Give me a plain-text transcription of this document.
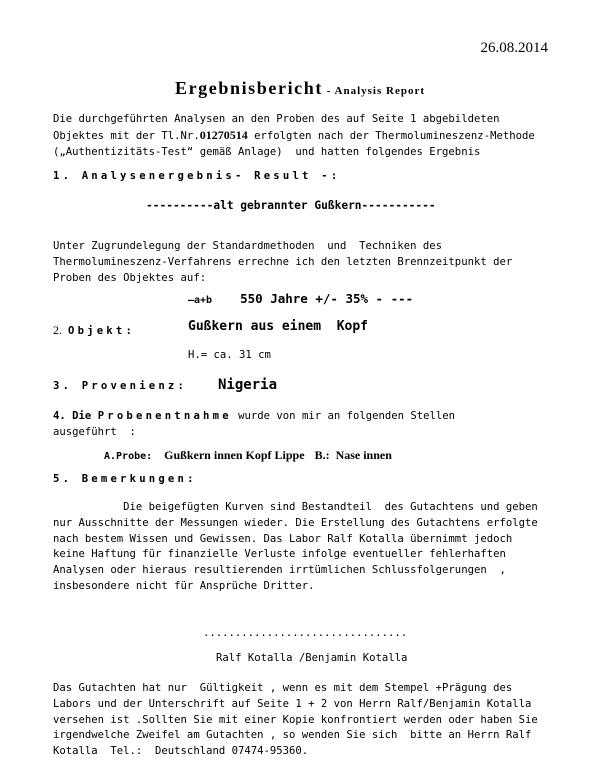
26.08.2014
Ergebnisbericht - Analysis Report
Die durchgeführten Analysen an den Proben des auf Seite 1 abgebildeten
Objektes mit der Tl.Nr.01270514 erfolgten nach der Thermolumineszenz-Methode
(„Authentizitäts-Test“ gemäß Anlage)  und hatten folgendes Ergebnis
1. Analysenergebnis- Result -:
----------alt gebrannter Gußkern-----------
Unter Zugrundelegung der Standardmethoden  und  Techniken des
Thermolumineszenz-Verfahrens errechne ich den letzten Brennzeitpunkt der
Proben des Objektes auf:
—a+b 550 Jahre +/- 35% - ---
2. Objekt:	Gußkern aus einem  Kopf
H.= ca. 31 cm
3. Provenienz: Nigeria
4. Die Probenentnahme wurde von mir an folgenden Stellen
ausgeführt  :
A.Probe: Gußkern innen Kopf Lippe B.: Nase innen
5. Bemerkungen:
Die beigefügten Kurven sind Bestandteil  des Gutachtens und geben
nur Ausschnitte der Messungen wieder. Die Erstellung des Gutachtens erfolgte
nach bestem Wissen und Gewissen. Das Labor Ralf Kotalla übernimmt jedoch
keine Haftung für finanzielle Verluste infolge eventueller fehlerhaften
Analysen oder hieraus resultierenden irrtümlichen Schlussfolgerungen  ,
insbesondere nicht für Ansprüche Dritter.
................................
Ralf Kotalla /Benjamin Kotalla
Das Gutachten hat nur  Gültigkeit , wenn es mit dem Stempel +Prägung des
Labors und der Unterschrift auf Seite 1 + 2 von Herrn Ralf/Benjamin Kotalla
versehen ist .Sollten Sie mit einer Kopie konfrontiert werden oder haben Sie
irgendwelche Zweifel am Gutachten , so wenden Sie sich  bitte an Herrn Ralf
Kotalla  Tel.:  Deutschland 07474-95360.
